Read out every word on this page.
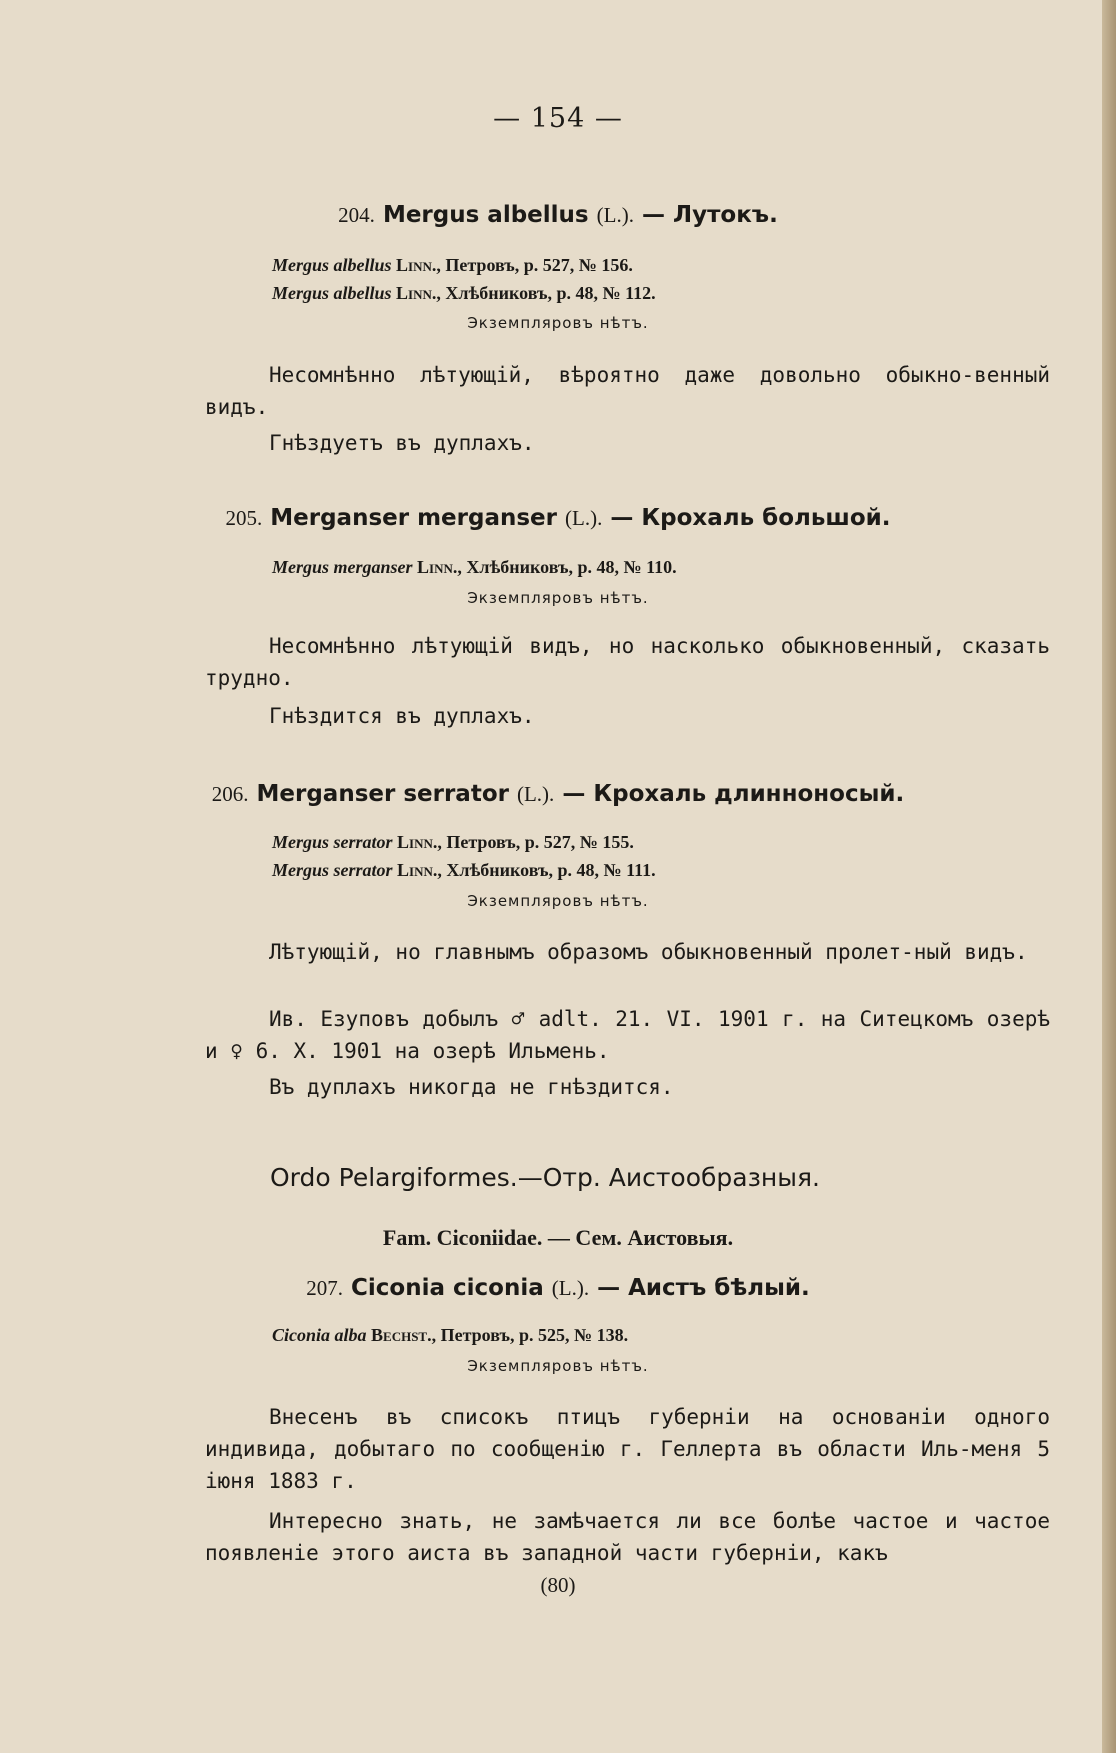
— 154 —
204. Mergus albellus (L.). — Лутокъ.
Mergus albellus Linn., Петровъ, p. 527, № 156.
Mergus albellus Linn., Хлѣбниковъ, p. 48, № 112.
Экземпляровъ нѣтъ.
Несомнѣнно лѣтующій, вѣроятно даже довольно обыкно-венный видъ.
Гнѣздуетъ въ дуплахъ.
205. Merganser merganser (L.). — Крохаль большой.
Mergus merganser Linn., Хлѣбниковъ, p. 48, № 110.
Экземпляровъ нѣтъ.
Несомнѣнно лѣтующій видъ, но насколько обыкновенный, сказать трудно.
Гнѣздится въ дуплахъ.
206. Merganser serrator (L.). — Крохаль длинноносый.
Mergus serrator Linn., Петровъ, p. 527, № 155.
Mergus serrator Linn., Хлѣбниковъ, p. 48, № 111.
Экземпляровъ нѣтъ.
Лѣтующій, но главнымъ образомъ обыкновенный пролет-ный видъ.
Ив. Езуповъ добылъ ♂ adlt. 21. VI. 1901 г. на Ситецкомъ озерѣ и ♀ 6. X. 1901 на озерѣ Ильмень.
Въ дуплахъ никогда не гнѣздится.
Ordo Pelargiformes.—Отр. Аистообразныя.
Fam. Ciconiidae. — Сем. Аистовыя.
207. Ciconia ciconia (L.). — Аистъ бѣлый.
Ciconia alba Bechst., Петровъ, p. 525, № 138.
Экземпляровъ нѣтъ.
Внесенъ въ списокъ птицъ губерніи на основаніи одного индивида, добытаго по сообщенію г. Геллерта въ области Иль-меня 5 іюня 1883 г.
Интересно знать, не замѣчается ли все болѣе частое и частое появленіе этого аиста въ западной части губерніи, какъ
(80)
